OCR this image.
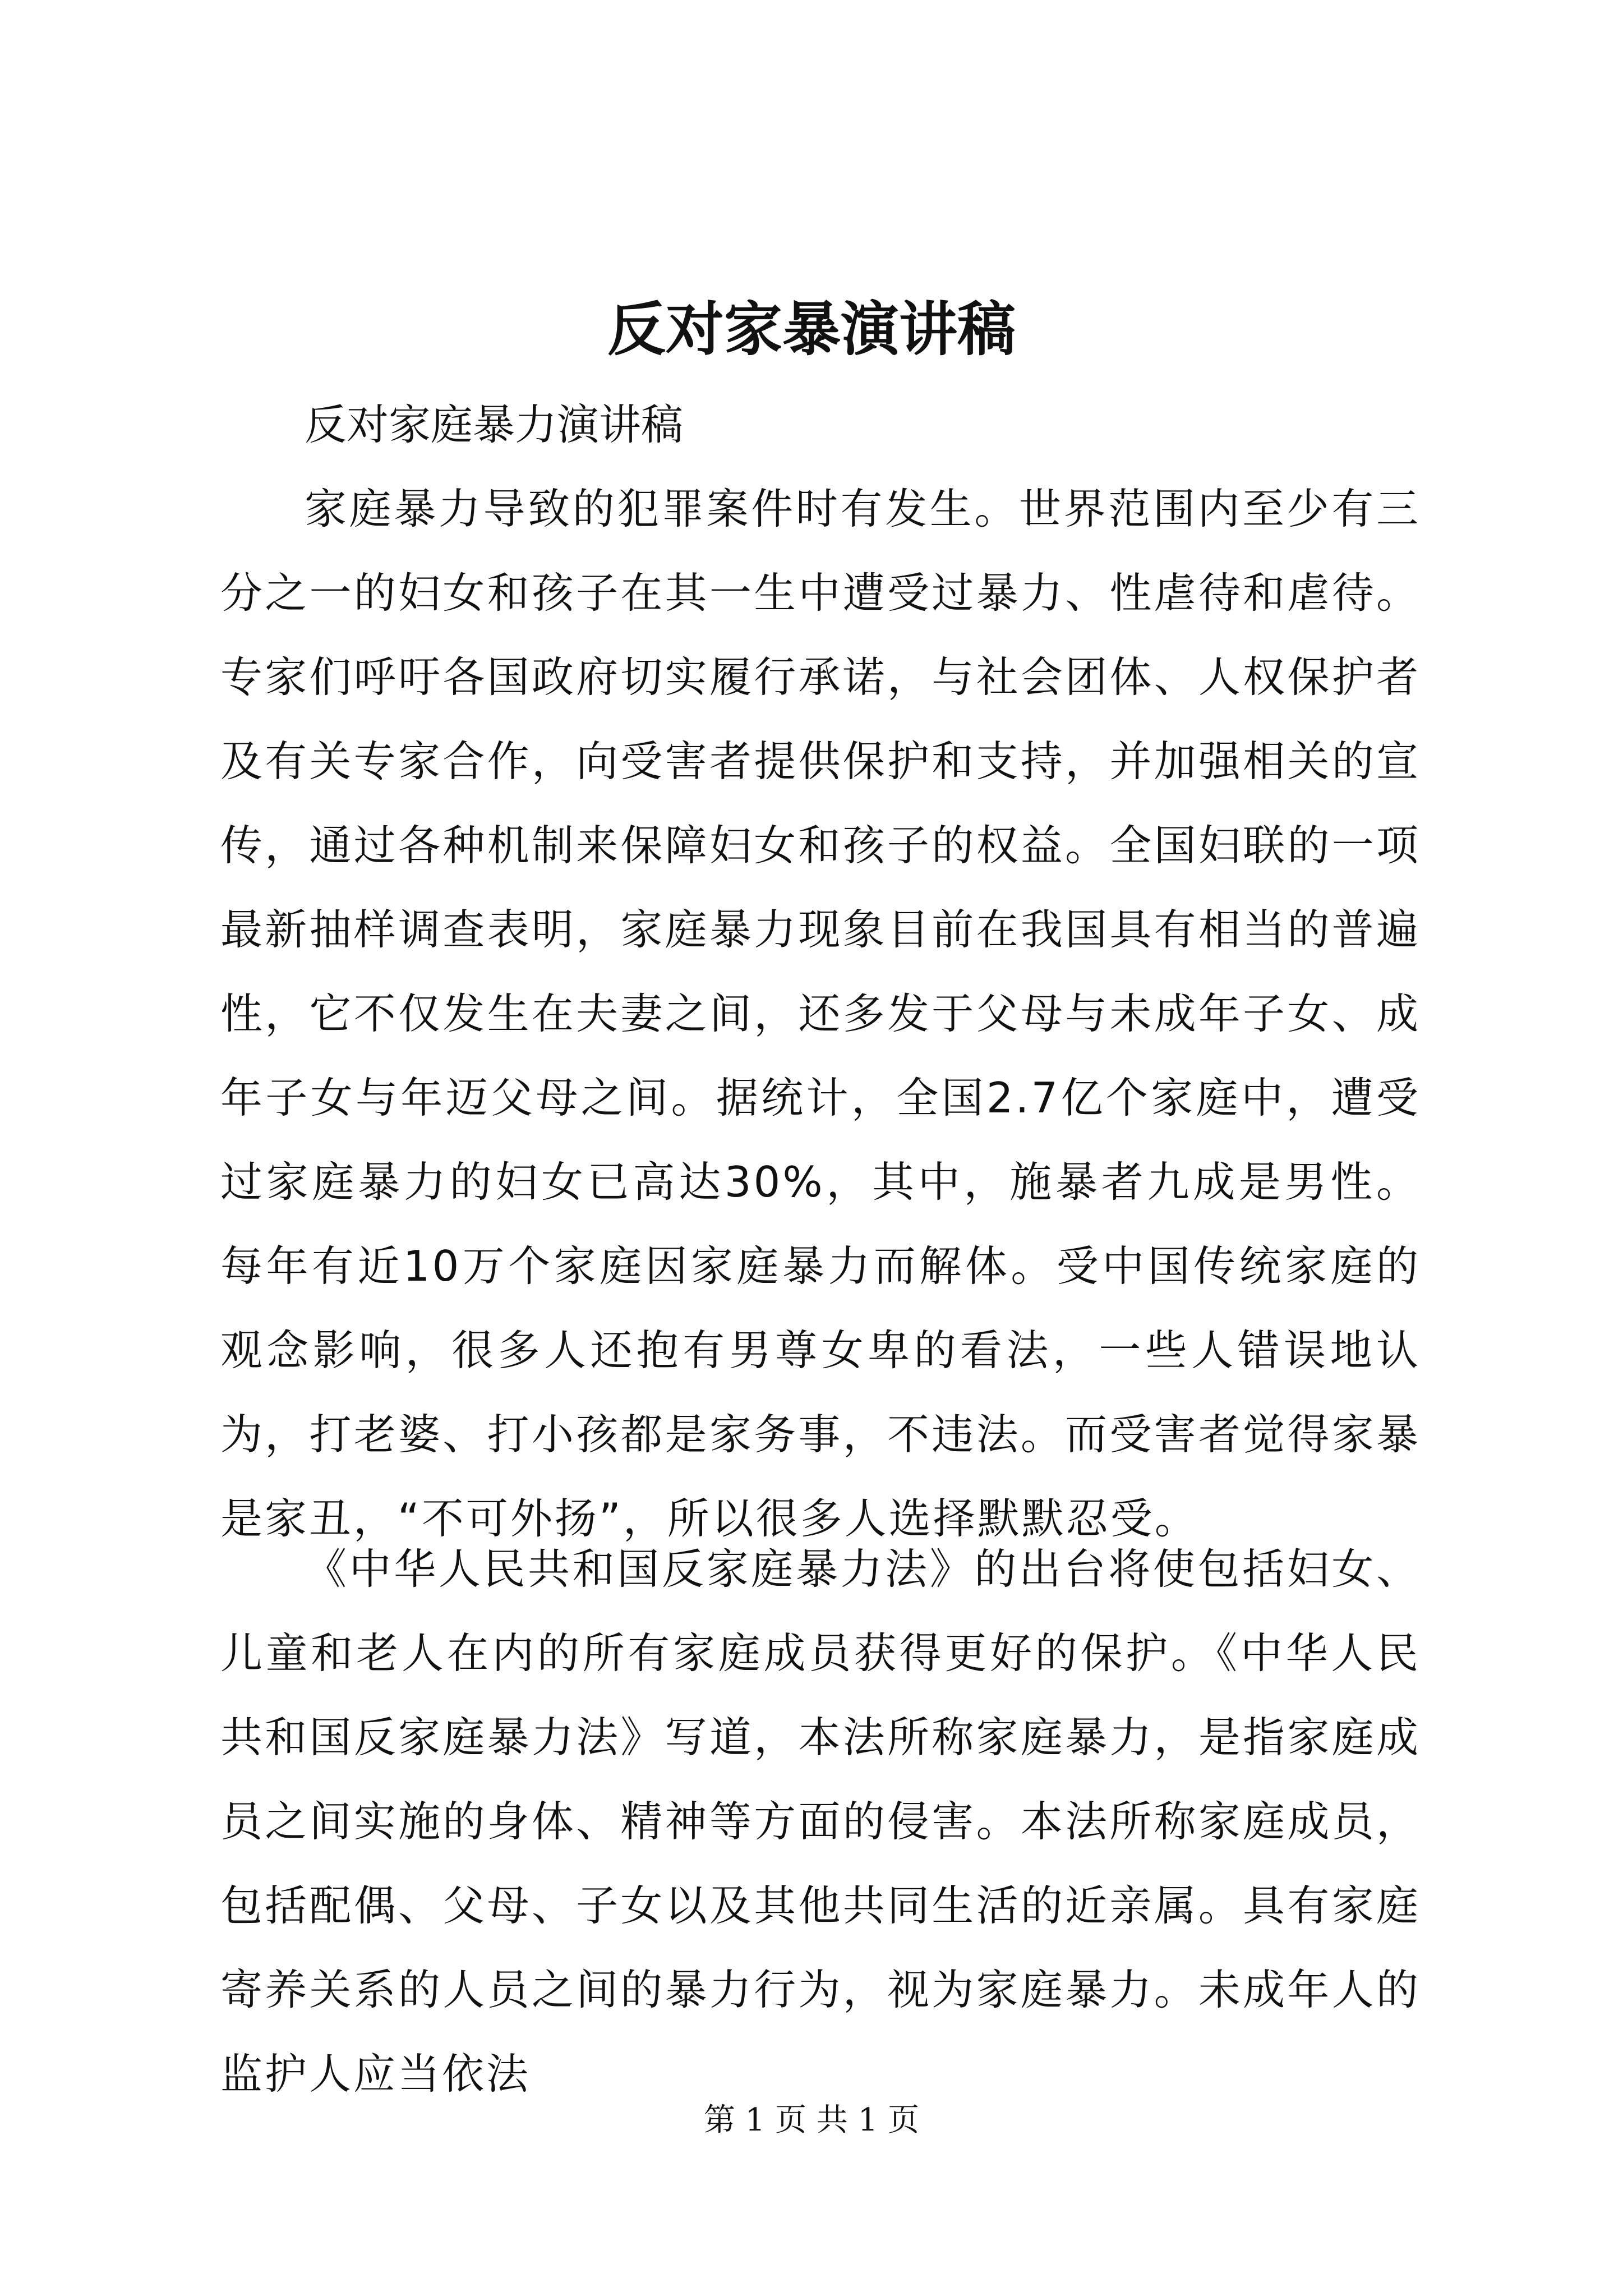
反对家暴演讲稿

反对家庭暴力演讲稿

家庭暴力导致的犯罪案件时有发生。世界范围内至少有三分之一的妇女和孩子在其一生中遭受过暴力、性虐待和虐待。专家们呼吁各国政府切实履行承诺，与社会团体、人权保护者及有关专家合作，向受害者提供保护和支持，并加强相关的宣传，通过各种机制来保障妇女和孩子的权益。全国妇联的一项最新抽样调查表明，家庭暴力现象目前在我国具有相当的普遍性，它不仅发生在夫妻之间，还多发于父母与未成年子女、成年子女与年迈父母之间。据统计，全国2.7亿个家庭中，遭受过家庭暴力的妇女已高达30%，其中，施暴者九成是男性。每年有近10万个家庭因家庭暴力而解体。受中国传统家庭的观念影响，很多人还抱有男尊女卑的看法，一些人错误地认为，打老婆、打小孩都是家务事，不违法。而受害者觉得家暴是家丑，“不可外扬”，所以很多人选择默默忍受。

《中华人民共和国反家庭暴力法》的出台将使包括妇女、儿童和老人在内的所有家庭成员获得更好的保护。《中华人民共和国反家庭暴力法》写道，本法所称家庭暴力，是指家庭成员之间实施的身体、精神等方面的侵害。本法所称家庭成员，包括配偶、父母、子女以及其他共同生活的近亲属。具有家庭寄养关系的人员之间的暴力行为，视为家庭暴力。未成年人的监护人应当依法

第 1 页 共 1 页
